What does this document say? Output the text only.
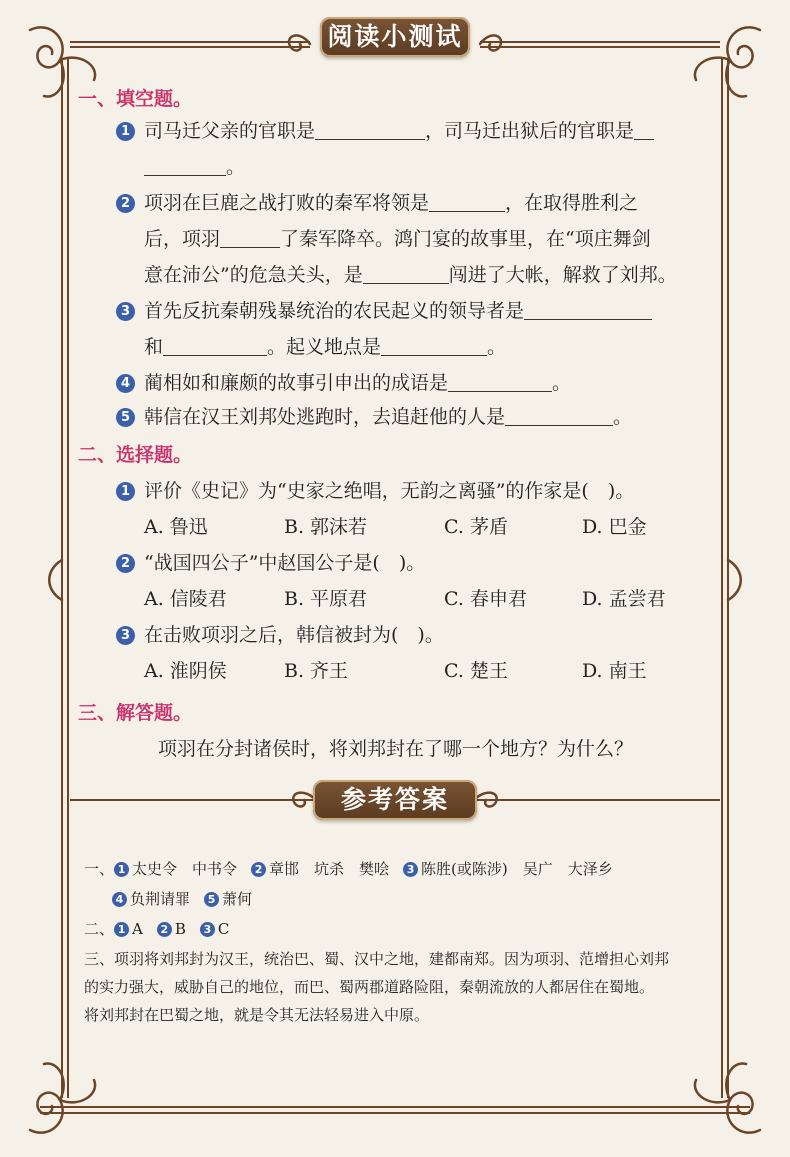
阅读小测试
一、填空题。
1 司马迁父亲的官职是	，司马迁出狱后的官职是
。
2 项羽在巨鹿之战打败的秦军将领是	，在取得胜利之
后，项羽	了秦军降卒。鸿门宴的故事里，在“项庄舞剑
意在沛公”的危急关头，是	闯进了大帐，解救了刘邦。
3 首先反抗秦朝残暴统治的农民起义的领导者是
和	。起义地点是	。
4 蔺相如和廉颇的故事引申出的成语是	。
5 韩信在汉王刘邦处逃跑时，去追赶他的人是	。
二、选择题。
1 评价《史记》为“史家之绝唱，无韵之离骚”的作家是(　)。
A. 鲁迅	B. 郭沫若	C. 茅盾	D. 巴金
2 “战国四公子”中赵国公子是(　)。
A. 信陵君	B. 平原君	C. 春申君	D. 孟尝君
3 在击败项羽之后，韩信被封为(　)。
A. 淮阴侯	B. 齐王	C. 楚王	D. 南王
三、解答题。
项羽在分封诸侯时，将刘邦封在了哪一个地方？为什么？
参考答案
一、 1 太史令　中书令 2 章邯　坑杀　樊哙 3 陈胜(或陈涉)　吴广　大泽乡
4 负荆请罪 5 萧何
二、 1 A 2 B 3 C
三、项羽将刘邦封为汉王，统治巴、蜀、汉中之地，建都南郑。因为项羽、范增担心刘邦
的实力强大，威胁自己的地位，而巴、蜀两郡道路险阻，秦朝流放的人都居住在蜀地。
将刘邦封在巴蜀之地，就是令其无法轻易进入中原。
